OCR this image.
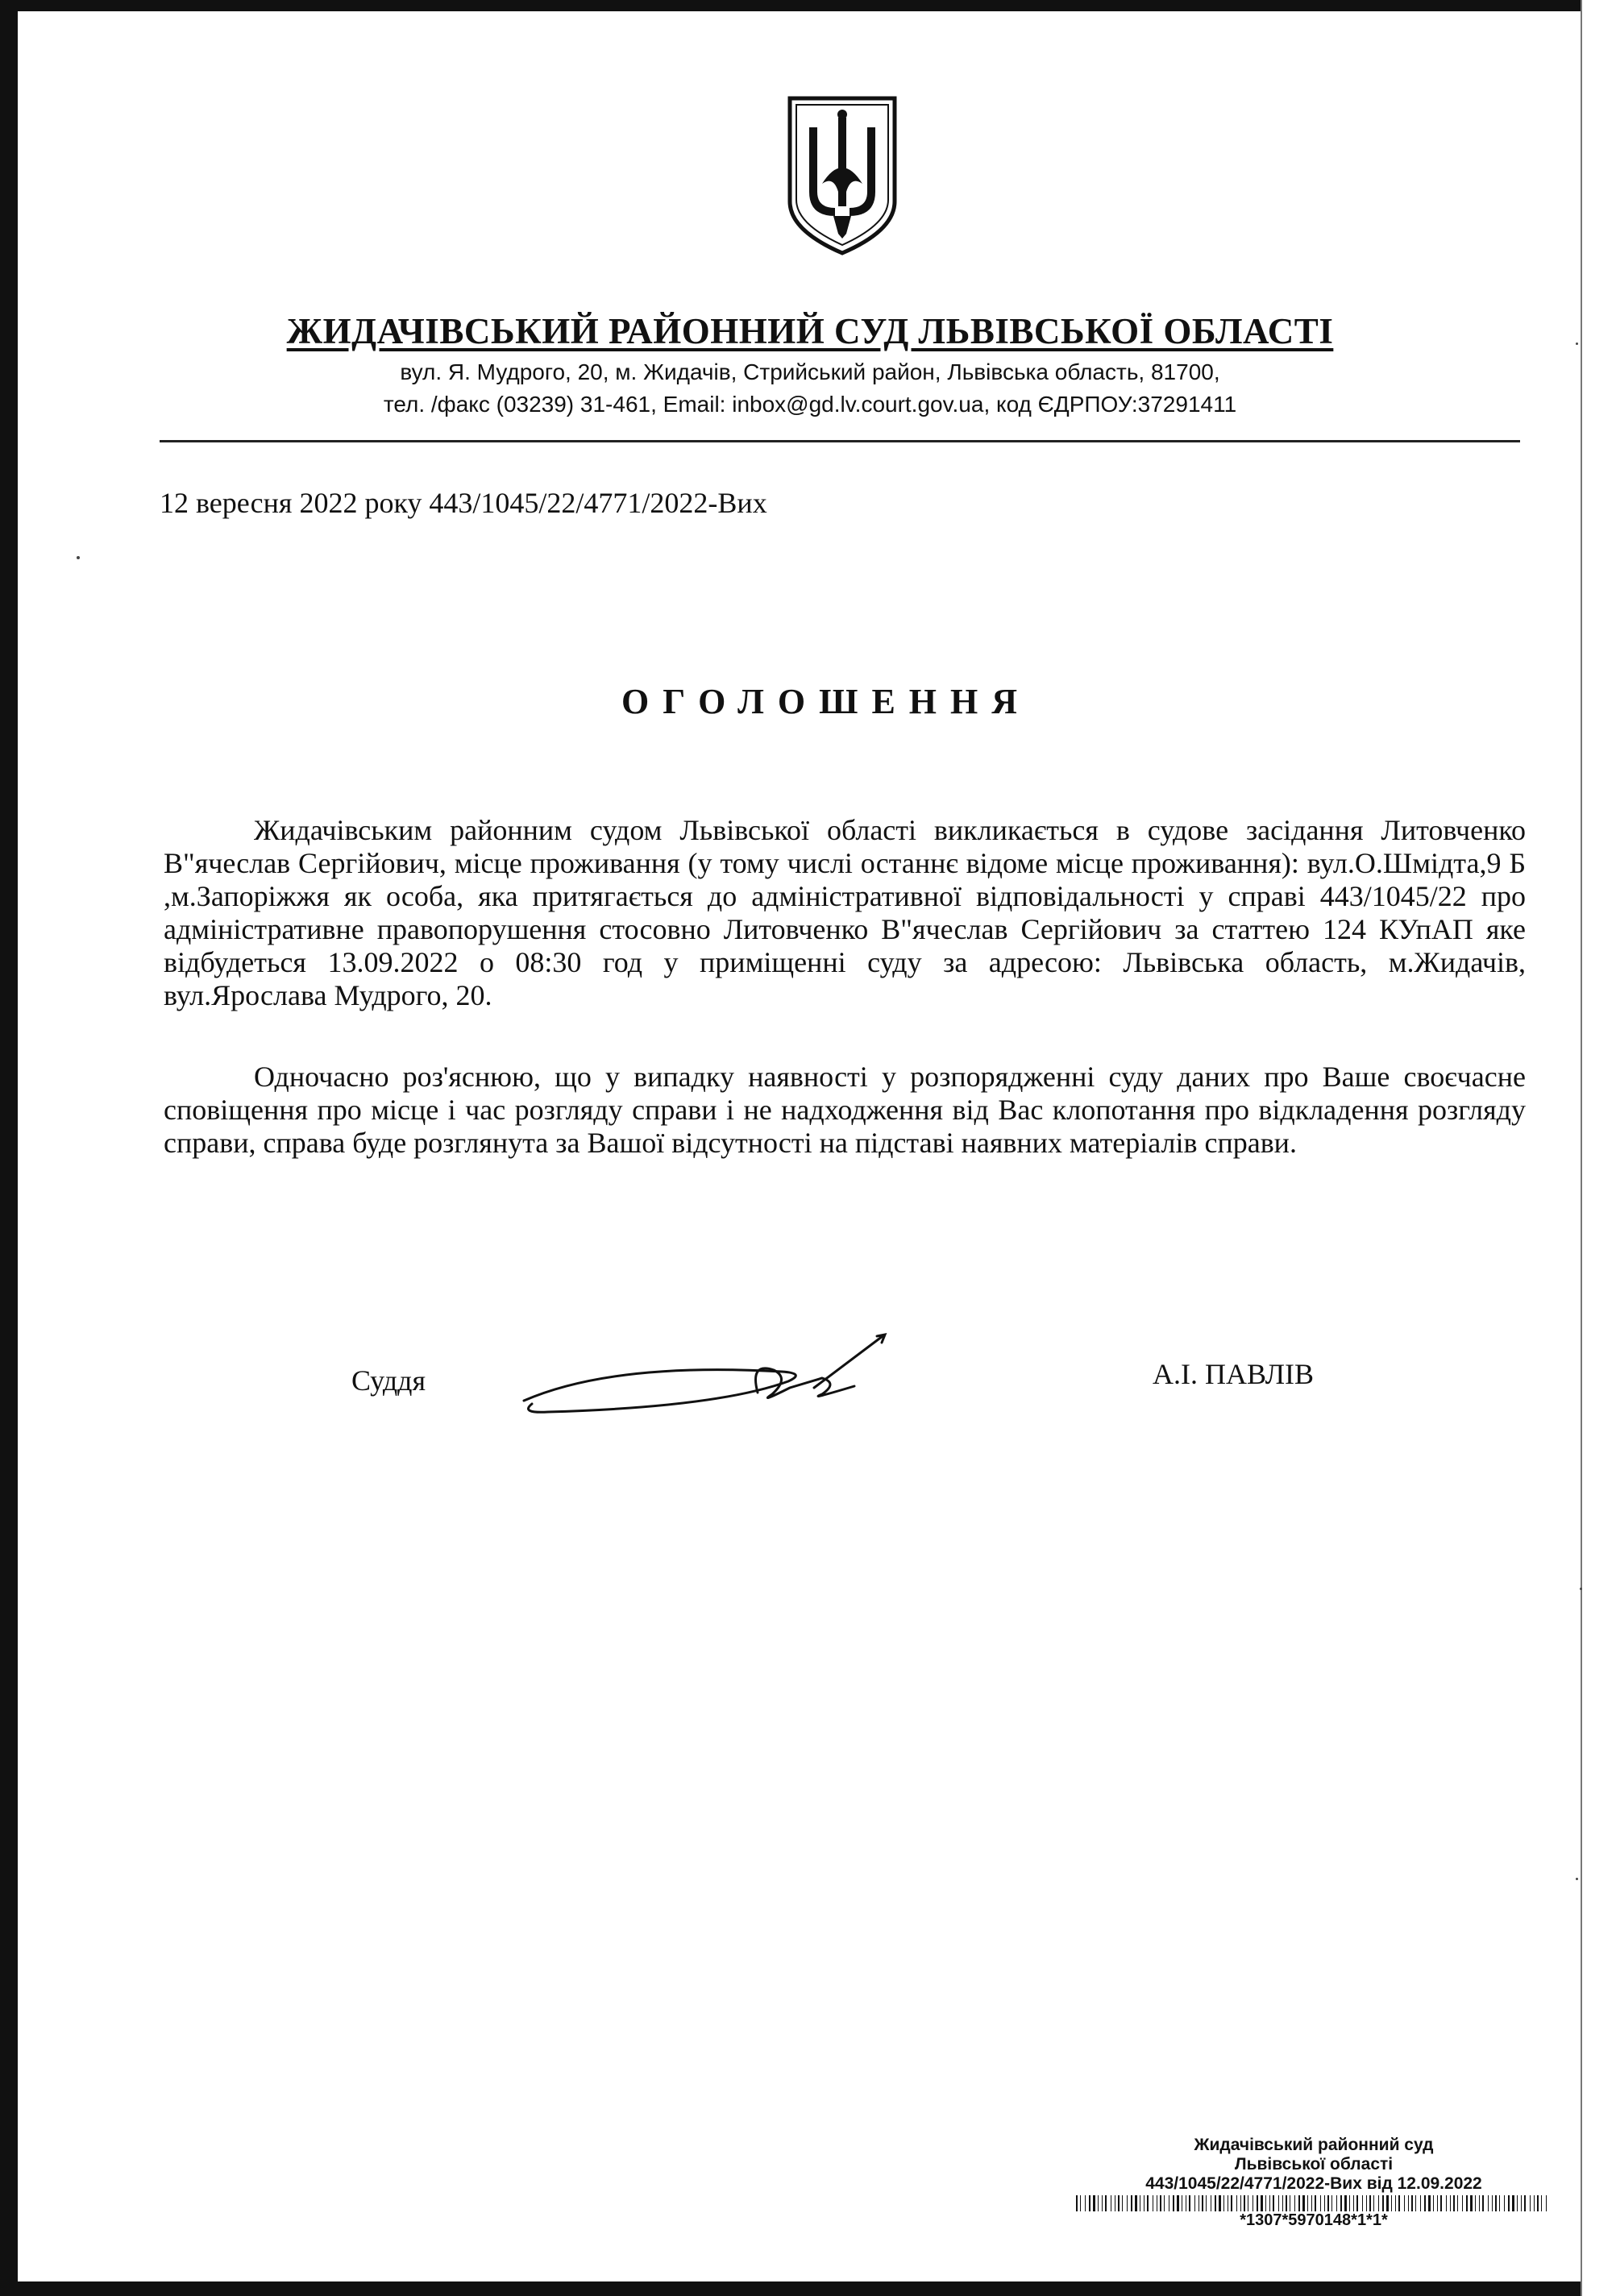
ЖИДАЧІВСЬКИЙ РАЙОННИЙ СУД ЛЬВІВСЬКОЇ ОБЛАСТІ
вул. Я. Мудрого, 20, м. Жидачів, Стрийський район, Львівська область, 81700,
тел. /факс (03239) 31-461, Email: inbox@gd.lv.court.gov.ua, код ЄДРПОУ:37291411
12 вересня 2022 року 443/1045/22/4771/2022-Вих
ОГОЛОШЕННЯ

Жидачівським районним судом Львівської області викликається в судове засідання Литовченко В"ячеслав Сергійович, місце проживання (у тому числі останнє відоме місце проживання): вул.О.Шмідта,9 Б ,м.Запоріжжя як особа, яка притягається до адміністративної відповідальності у справі 443/1045/22 про адміністративне правопорушення стосовно Литовченко В"ячеслав Сергійович за статтею 124 КУпАП яке відбудеться 13.09.2022 о 08:30 год у приміщенні суду за адресою: Львівська область, м.Жидачів, вул.Ярослава Мудрого, 20.

Одночасно роз'яснюю, що у випадку наявності у розпорядженні суду даних про Ваше своєчасне сповіщення про місце і час розгляду справи і не надходження від Вас клопотання про відкладення розгляду справи, справа буде розглянута за Вашої відсутності на підставі наявних матеріалів справи.

Суддя	А.І. ПАВЛІВ
Жидачівський районний суд
Львівської області
443/1045/22/4771/2022-Вих від 12.09.2022
*1307*5970148*1*1*
